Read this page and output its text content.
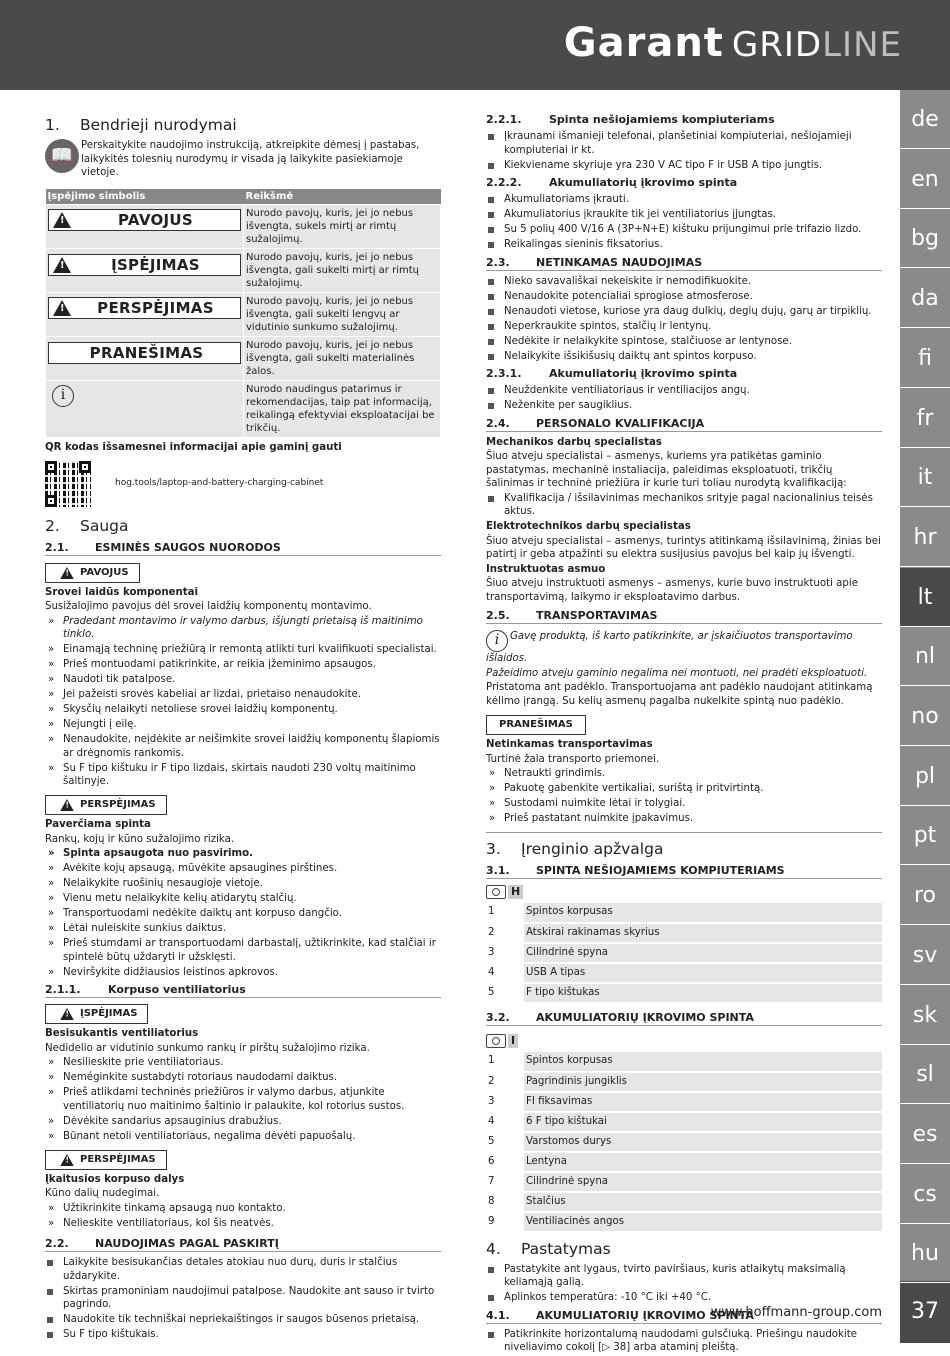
Garant GRIDLINE
37
de
en
bg
da
fi
fr
it
hr
lt
nl
no
pl
pt
ro
sv
sk
sl
es
cs
hu
1. Bendrieji nurodymai
📖 Perskaitykite naudojimo instrukciją, atkreipkite dėmesį į pastabas, laikykitės tolesnių nurodymų ir visada ją laikykite pasiekiamoje vietoje.

Įspėjimo simbolis	Reikšmė

!
PAVOJUS	Nurodo pavojų, kuris, jei jo nebus išvengta, sukels mirtį ar rimtų sužalojimų.

!
ĮSPĖJIMAS	Nurodo pavojų, kuris, jei jo nebus išvengta, gali sukelti mirtį ar rimtų sužalojimų.

!
PERSPĖJIMAS	Nurodo pavojų, kuris, jei jo nebus išvengta, gali sukelti lengvų ar vidutinio sunkumo sužalojimų.

PRANEŠIMAS	Nurodo pavojų, kuris, jei jo nebus išvengta, gali sukelti materialinės žalos.

i	Nurodo naudingus patarimus ir rekomendacijas, taip pat informaciją, reikalingą efektyviai eksploatacijai be trikčių.

QR kodas išsamesnei informacijai apie gaminį gauti

hog.tools/laptop-and-battery-charging-cabinet
2. Sauga
2.1. ESMINĖS SAUGOS NUORODOS
!
PAVOJUS

Srovei laidūs komponentai

Susižalojimo pavojus dėl srovei laidžių komponentų montavimo.

» Pradedant montavimo ir valymo darbus, išjungti prietaisą iš maitinimo tinklo.
» Einamąją techninę priežiūrą ir remontą atlikti turi kvalifikuoti specialistai.
» Prieš montuodami patikrinkite, ar reikia įžeminimo apsaugos.
» Naudoti tik patalpose.
» Jei pažeisti srovės kabeliai ar lizdai, prietaiso nenaudokite.
» Skysčių nelaikyti netoliese srovei laidžių komponentų.
» Nejungti į eilę.
» Nenaudokite, neįdėkite ar neišimkite srovei laidžių komponentų šlapiomis ar drėgnomis rankomis.
» Su F tipo kištuku ir F tipo lizdais, skirtais naudoti 230 voltų maitinimo šaltinyje.
!
PERSPĖJIMAS

Paverčiama spinta

Rankų, kojų ir kūno sužalojimo rizika.

» Spinta apsaugota nuo pasvirimo.
» Avėkite kojų apsaugą, mūvėkite apsaugines pirštines.
» Nelaikykite ruošinių nesaugioje vietoje.
» Vienu metu nelaikykite kelių atidarytų stalčių.
» Transportuodami nedėkite daiktų ant korpuso dangčio.
» Lėtai nuleiskite sunkius daiktus.
» Prieš stumdami ar transportuodami darbastalį, užtikrinkite, kad stalčiai ir spintelė būtų uždaryti ir užsklęsti.
» Neviršykite didžiausios leistinos apkrovos.
2.1.1.	Korpuso ventiliatorius
!
ĮSPĖJIMAS

Besisukantis ventiliatorius

Nedidelio ar vidutinio sunkumo rankų ir pirštų sužalojimo rizika.

» Nesilieskite prie ventiliatoriaus.
» Neméginkite sustabdyti rotoriaus naudodami daiktus.
» Prieš atlikdami techninės priežiūros ir valymo darbus, atjunkite ventiliatorių nuo maitinimo šaltinio ir palaukite, kol rotorius sustos.
» Dėvėkite sandarius apsauginius drabužius.
» Būnant netoli ventiliatoriaus, negalima dėvėti papuošalų.
!
PERSPĖJIMAS

Įkaitusios korpuso dalys

Kūno dalių nudegimai.

» Užtikrinkite tinkamą apsaugą nuo kontakto.
» Nelieskite ventiliatoriaus, kol šis neatvės.
2.2. NAUDOJIMAS PAGAL PASKIRTĮ
Laikykite besisukančias detales atokiau nuo durų, duris ir stalčius uždarykite.
Skirtas pramoniniam naudojimui patalpose. Naudokite ant sauso ir tvirto pagrindo.
Naudokite tik techniškai nepriekaištingos ir saugos būsenos prietaisą.
Su F tipo kištukais.
2.2.1.	Spinta nešiojamiems kompiuteriams
Įkraunami išmanieji telefonai, planšetiniai kompiuteriai, nešiojamieji kompiuteriai ir kt.
Kiekviename skyriuje yra 230 V AC tipo F ir USB A tipo jungtis.
2.2.2.	Akumuliatorių įkrovimo spinta
Akumuliatoriams įkrauti.
Akumuliatorius įkraukite tik jei ventiliatorius įjungtas.
Su 5 polių 400 V/16 A (3P+N+E) kištuku prijungimui prie trifazio lizdo.
Reikalingas sieninis fiksatorius.
2.3. NETINKAMAS NAUDOJIMAS
Nieko savavališkai nekeiskite ir nemodifikuokite.
Nenaudokite potencialiai sprogiose atmosferose.
Nenaudoti vietose, kuriose yra daug dulkių, degių dujų, garų ar tirpiklių.
Neperkraukite spintos, stalčių ir lentynų.
Nedėkite ir nelaikykite spintose, stalčiuose ar lentynose.
Nelaikykite išsikišusių daiktų ant spintos korpuso.
2.3.1.	Akumuliatorių įkrovimo spinta
Neuždenkite ventiliatoriaus ir ventiliacijos angų.
Neženkite per saugiklius.
2.4. PERSONALO KVALIFIKACIJA

Mechanikos darbų specialistas

Šiuo atveju specialistai – asmenys, kuriems yra patikėtas gaminio pastatymas, mechaninė instaliacija, paleidimas eksploatuoti, trikčių šalinimas ir techninė priežiūra ir kurie turi toliau nurodytą kvalifikaciją:

Kvalifikacija / išsilavinimas mechanikos srityje pagal nacionalinius teisės aktus.

Elektrotechnikos darbų specialistas

Šiuo atveju specialistai – asmenys, turintys atitinkamą išsilavinimą, žinias bei patirtį ir geba atpažinti su elektra susijusius pavojus bei kaip jų išvengti.

Instruktuotas asmuo

Šiuo atveju instruktuoti asmenys – asmenys, kurie buvo instruktuoti apie transportavimą, laikymo ir eksploatavimo darbus.

2.5. TRANSPORTAVIMAS

i Gavę produktą, iš karto patikrinkite, ar įskaičiuotos transportavimo išlaidos.

Pažeidimo atveju gaminio negalima nei montuoti, nei pradėti eksploatuoti.

Pristatoma ant padėklo. Transportuojama ant padėklo naudojant atitinkamą kėlimo įrangą. Su kelių asmenų pagalba nukelkite spintą nuo padėklo.

PRANEŠIMAS

Netinkamas transportavimas

Turtinė žala transporto priemonei.

» Netraukti grindimis.
» Pakuotę gabenkite vertikaliai, surištą ir pritvirtintą.
» Sustodami nuimkite lėtai ir tolygiai.
» Prieš pastatant nuimkite įpakavimus.
3. Įrenginio apžvalga
3.1. SPINTA NEŠIOJAMIEMS KOMPIUTERIAMS
H
1	Spintos korpusas
2	Atskirai rakinamas skyrius
3	Cilindrinė spyna
4	USB A tipas
5	F tipo kištukas
3.2. AKUMULIATORIŲ ĮKROVIMO SPINTA
I
1	Spintos korpusas
2	Pagrindinis jungiklis
3	FI fiksavimas
4	6 F tipo kištukai
5	Varstomos durys
6	Lentyna
7	Cilindrinė spyna
8	Stalčius
9	Ventiliacinės angos
4. Pastatymas
Pastatykite ant lygaus, tvirto paviršiaus, kuris atlaikytų maksimalią keliamąją galią.
Aplinkos temperatūra: -10 °C iki +40 °C.
4.1. AKUMULIATORIŲ ĮKROVIMO SPINTA
Patikrinkite horizontalumą naudodami gulsčiuką. Priešingu naudokite niveliavimo cokolį [▷ 38] arba ataminį pleištą.
www.hoffmann-group.com
